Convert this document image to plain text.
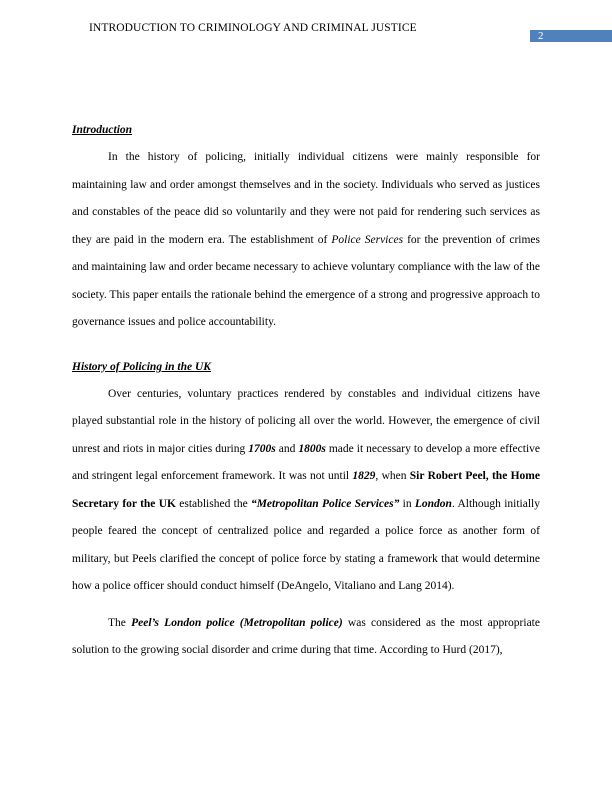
INTRODUCTION TO CRIMINOLOGY AND CRIMINAL JUSTICE
2

Introduction

In the history of policing, initially individual citizens were mainly responsible for maintaining law and order amongst themselves and in the society. Individuals who served as justices and constables of the peace did so voluntarily and they were not paid for rendering such services as they are paid in the modern era. The establishment of Police Services for the prevention of crimes and maintaining law and order became necessary to achieve voluntary compliance with the law of the society. This paper entails the rationale behind the emergence of a strong and progressive approach to governance issues and police accountability.

History of Policing in the UK

Over centuries, voluntary practices rendered by constables and individual citizens have played substantial role in the history of policing all over the world. However, the emergence of civil unrest and riots in major cities during 1700s and 1800s made it necessary to develop a more effective and stringent legal enforcement framework. It was not until 1829, when Sir Robert Peel, the Home Secretary for the UK established the “Metropolitan Police Services” in London. Although initially people feared the concept of centralized police and regarded a police force as another form of military, but Peels clarified the concept of police force by stating a framework that would determine how a police officer should conduct himself (DeAngelo, Vitaliano and Lang 2014).

The Peel’s London police (Metropolitan police) was considered as the most appropriate solution to the growing social disorder and crime during that time. According to Hurd (2017),
